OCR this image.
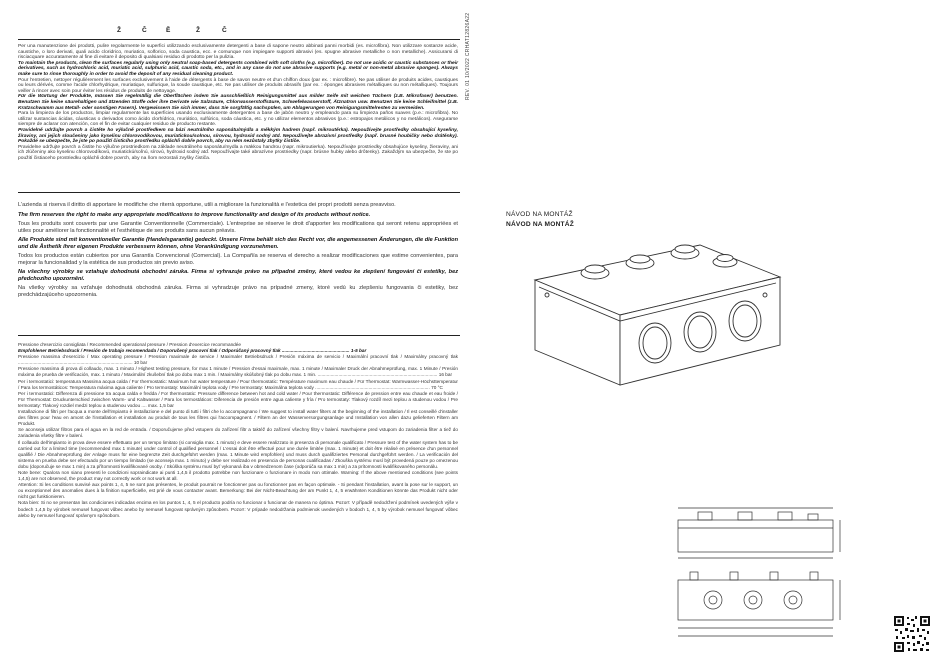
Ž	Č	Ě	Ž	Č

Per una manutenzione dei prodotti, pulire regolarmente le superfici utilizzando esclusivamente detergenti a base di sapone neutro abbinati panni morbidi (es. microfibra). Non utilizzare sostanze acide, caustiche, o loro derivati, quali acido cloridrico, muriatico, solforico, soda caustica, ecc. e comunque non impiegare supporti abrasivi (es. spugne abrasive metalliche o non metalliche). Assicurarsi di risciacquare accuratamente al fine di evitare il deposito di qualsiasi residuo di prodotto per la pulizia.

To maintain the products, clean the surfaces regularly using only neutral soap-based detergents combined with soft cloths (e.g. microfiber). Do not use acidic or caustic substances or their derivatives, such as hydrochloric acid, muriatic acid, sulphuric acid, caustic soda, etc., and in any case do not use abrasive supports (e.g. metal or non-metal abrasive sponges). Always make sure to rinse thoroughly in order to avoid the deposit of any residual cleaning product.

Pour l'entretien, nettoyer régulièrement les surfaces exclusivement à l'aide de détergents à base de savon neutre et d'un chiffon doux (par ex. : microfibre). Ne pas utiliser de produits acides, caustiques ou leurs dérivés, comme l'acide chlorhydrique, muriatique, sulfurique, la soude caustique, etc. Ne pas utiliser de produits abrasifs (par ex. : éponges abrasives métalliques ou non métalliques). Toujours veiller à rincer avec soin pour éviter les résidus de produits de nettoyage.

Für die Wartung der Produkte, müssen Sie regelmäßig die Oberflächen indem Sie ausschließlich Reinigungsmittel aus milder Seife mit weichen Tüchern (z.B. Mikrofaser) benutzen. Benutzen Sie keine säurehaltigen und ätzenden Stoffe oder ihre Derivate wie Salzsäure, Chlorwasserstoffsäure, Schwefelwasserstoff, Ätznatron usw. Benutzen Sie keine Schleifmittel (z.B. Kratzschwamm aus Metall- oder sonstigen Fasern). Vergewissern Sie sich immer, dass Sie sorgfältig nachspülen, um Ablagerungen von Reinigungsmittelresten zu vermeiden.

Para la limpieza de los productos, limpiar regularmente las superficies usando exclusivamente detergentes a base de jabón neutro y empleando para su limpieza paños suaves (p.e.: microfibra). No utilizar sustancias ácidas, cáusticas o derivados como ácido clorhídrico, muriático, sulfúrico, soda cáustica, etc. y no utilizar elementos abrasivos (p.e.: estropajos metálicos y no metálicos). Asegurarse siempre de aclarar con atención, con el fin de evitar cualquier residuo de producto restante.

Pravidelně udržujte povrch a čistěte ho výlučně prostředkem na bázi neutrálního saponátu/mýdla a měkkým hadrem (např. mikroutěrka). Nepoužívejte prostředky obsahující kyseliny, žíraviny, ani jejich sloučeniny jako kyselinu chlorovodíkovou, muriatickou/solnou, sírovou, hydroxid sodný atd. Nepoužívejte abrazivní prostředky (např. brusné houbičky nebo drátěnky). Pokaždé se ubezpečte, že jste po použití čisticího prostředku opláchli dobře povrch, aby na něm nezůstaly zbytky čističe.

Pravidelne udržujte povrch a čistite ho výlučne prostriedkom na základe neutrálneho saponátu/mydla a mäkkou handrou (napr. mikroutierka). Nepoužívajte prostriedky obsahujúce kyseliny, žieraviny, ani ich zlúčeniny ako kyselinu chlorovodíkovú, muriatickú/soľnú, sírovú, hydroxid sodný atď. Nepoužívajte také abrazívne prostriedky (napr. brúsne hubky alebo drôtenky). Zakaždým sa ubezpečte, že ste po použití čistiaceho prostriedku opláchli dobre povrch, aby na ňom nezostali zvyšky čističa.

L'azienda si riserva il diritto di apportare le modifiche che riterrà opportune, utili a migliorare la funzionalità e l'estetica dei propri prodotti senza preavviso.

The firm reserves the right to make any appropriate modifications to improve functionality and design of its products without notice.

Tous les produits sont couverts par une Garantie Conventionnelle (Commerciale). L'entreprise se réserve le droit d'apporter les modifications qui seront retenu appropriées et utiles pour améliorer la fonctionnalité et l'esthétique de ses produits sans aucun préavis.

Alle Produkte sind mit konventioneller Garantie (Handelsgarantie) gedeckt. Unsere Firma behält sich das Recht vor, die angemessenen Änderungen, die die Funktion und die Ästhetik ihrer eigenen Produkte verbessern können, ohne Vorankündigung vorzunehmen.

Todos los productos están cubiertos por una Garantía Convencional (Comercial). La Compañía se reserva el derecho a realizar modificaciones que estime convenientes, para mejorar la funcionalidad y la estética de sus productos sin previo aviso.

Na všechny výrobky se vztahuje dohodnutá obchodní záruka. Firma si vyhrazuje právo na případné změny, které vedou ke zlepšení fungování či estetiky, bez předchozího upozornění.

Na všetky výrobky sa vzťahuje dohodnutá obchodná záruka. Firma si vyhradzuje právo na prípadné zmeny, ktoré vedú ku zlepšeniu fungovania či estetiky, bez predchádzajúceho upozornenia.

Pressione d'esercizio consigliata / Recommended operational pressure / Pression d'exercice recommandée

Empfohlener Betriebsdruck / Presión de trabajo recomendada / Doporučený pracovní tlak / Odporúčaný pracovný tlak .................................................... 1-5 bar

Pressione massima d'esercizio / Max operating pressure / Pression maximale de service / Maximaler Betriebsdruck / Presión máxima de servicio / Maximální pracovní tlak / Maximálny pracovný tlak ........................................................................................ 10 bar

Pressione massima di prova di collaudo, max. 1 minuto / Highest testing pressure, for max 1 minute / Pression d'essai maximale, max. 1 minute / Maximaler Druck der Abnahmeprüfung, max. 1 Minute / Presión máxima de prueba de verificación, max. 1 minuto / Maximální zkušební tlak po dobu max 1 min. / Maximálny skúšobný tlak po dobu max. 1 min. ............................................................................................ 16 bar

Per i termostatici: temperatura Massima acqua calda / For thermostatic: Maximum hot water temperature / Pour thermostatic: Température maximum eau chaude / Für Thermostat: Warmwasser-Höchsttemperatur / Para los termostáticos: Temperatura máxima agua caliente / Pro termostaty: Maximální teplota vody / Pre termostaty: Maximálna teplota vody ........................................................................................ 70 °C

Per i termostatici: Differenza di pressione tra acqua calda e fredda / For thermostatic: Pressure difference between hot and cold water / Pour thermostatic: Différence de pression entre eau chaude et eau froide / Für Thermostat: Druckunterschied zwischen Warm- und Kaltwasser / Para los termostáticos: Diferencia de presión entre agua caliente y fría / Pro termostaty: Tlakový rozdíl mezi teplou a studenou vodou / Pre termostaty: Tlakový rozdiel medzi teplou a studenou vodou .... max. 1,5 bar

Installazione di filtri per l'acqua a monte dell'impianto è installazione e del punto di tutti i filtri che lo accompagnano / We suggest to install water filters at the beginning of the installation / Il est conseillé d'installer des filtres pour l'eau en amont de l'installation et installation au produit de tous les filtres qui l'accompagnent. / Filtern an der Wasserversorgungsanlage und Installation von allen dazu gelieferten Filtern am Produkt.

Se aconseja utilizar filtros para el agua en la red de entrada. / Doporučujeme před vstupem do zařízení filtr a taktéž do zařízení všechny filtry v balení. Navrhujeme pred vstupom do zariadenia filter a tiež do zariadenia všetky filtre v balení.

Il collaudo dell'impianto in prova deve essere effettuato per un tempo limitato (si consiglia max. 1 minuto) e deve essere realizzato in presenza di personale qualificato / Pressure test of the water system has to be carried out for a limited time (recommended max 1 minute) under control of qualified personnel / L'essai doit être effectué pour une durée limitée (max. 1 minute) et doit être réalisé en présence d'un personnel qualifié / Die Abnahmeprüfung der Anlage muss für eine begrenzte Zeit durchgeführt werden (max. 1 Minute wird empfohlen) und muss durch qualifiziertes Personal durchgeführt werden. / La verificación del sistema en prueba debe ser efectuado por un tiempo limitado (se aconseja max. 1 minuto) y debe ser realizado en presencia de personas cualificadas / Zkouška systému musí být provedená pouze po omezenou dobu (doporučuje se max 1 min) a za přítomnosti kvalifikované osoby. / Skúška systému musí byť vykonaná iba v obmedzenom čase (odporúča sa max 1 min) a za prítomnosti kvalifikovaného personálu.

Note bene: Qualora non siano presenti le condizioni sopraindicate ai punti 1,4,5 il prodotto potrebbe non funzionare o funzionare in modo non ottimale. Warning: If the above mentioned conditions (see points 1,4,5) are not observed, the product may not correctly work or not work at all.

Attention: Si les conditions susvisé aux points 1, 4, 5 ne sont pas présentes, le produit pourrait ne fonctionner pas ou fonctionner pas en façon optimale. - Si pendant l'installation, avant la pose sur le support, un ou exceptionnel des anomalies dues à la finition superficielle, est prié de vous contacter avant. Bemerkung: Bei der Nicht-Beachtung der am Punkt 1, 4, 5 erwähnten Konditionen könnte das Produkt nicht oder nicht gut funktionieren.

Nota bien: Si no se presentan las condiciones indicadas encima en los puntos 1, 4, 5 el producto podría no funcionar o funcionar de manera no óptima. Pozor!: V případě nedodržení podmínek uvedených výše v bodech 1,4,5 by výrobek nemusel fungovat vůbec anebo by nemusel fungovat správným způsobem. Pozor!: V prípade nedodržania podmienok uvedených v bodoch 1, 4, 5 by výrobok nemusel fungovať vôbec alebo by nemusel fungovať správnym spôsobom.

REV. 01 10/2022 CRHAT12826A22
NÁVOD NA MONTÁŽ
NÁVOD NA MONTÁŽ
